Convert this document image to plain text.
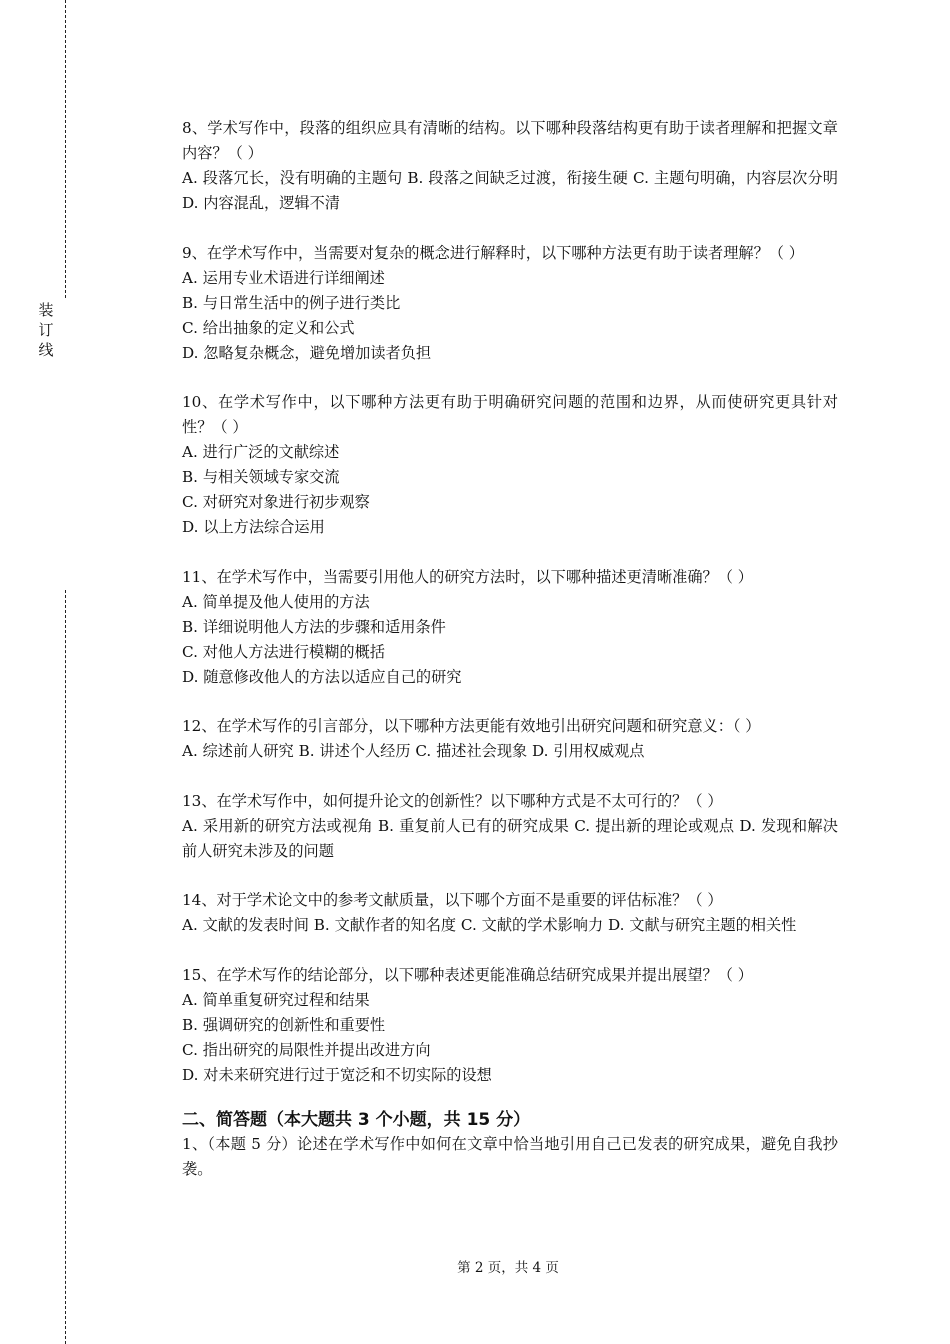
装订线
8、学术写作中，段落的组织应具有清晰的结构。以下哪种段落结构更有助于读者理解和把握文章内容？（ ）
A. 段落冗长，没有明确的主题句 B. 段落之间缺乏过渡，衔接生硬 C. 主题句明确，内容层次分明 D. 内容混乱，逻辑不清
9、在学术写作中，当需要对复杂的概念进行解释时，以下哪种方法更有助于读者理解？（ ）
A. 运用专业术语进行详细阐述
B. 与日常生活中的例子进行类比
C. 给出抽象的定义和公式
D. 忽略复杂概念，避免增加读者负担
10、在学术写作中，以下哪种方法更有助于明确研究问题的范围和边界，从而使研究更具针对性？（ ）
A. 进行广泛的文献综述
B. 与相关领域专家交流
C. 对研究对象进行初步观察
D. 以上方法综合运用
11、在学术写作中，当需要引用他人的研究方法时，以下哪种描述更清晰准确？（ ）
A. 简单提及他人使用的方法
B. 详细说明他人方法的步骤和适用条件
C. 对他人方法进行模糊的概括
D. 随意修改他人的方法以适应自己的研究
12、在学术写作的引言部分，以下哪种方法更能有效地引出研究问题和研究意义：（ ）
A. 综述前人研究 B. 讲述个人经历 C. 描述社会现象 D. 引用权威观点
13、在学术写作中，如何提升论文的创新性？以下哪种方式是不太可行的？（ ）
A. 采用新的研究方法或视角 B. 重复前人已有的研究成果 C. 提出新的理论或观点 D. 发现和解决前人研究未涉及的问题
14、对于学术论文中的参考文献质量，以下哪个方面不是重要的评估标准？（ ）
A. 文献的发表时间 B. 文献作者的知名度 C. 文献的学术影响力 D. 文献与研究主题的相关性
15、在学术写作的结论部分，以下哪种表述更能准确总结研究成果并提出展望？（ ）
A. 简单重复研究过程和结果
B. 强调研究的创新性和重要性
C. 指出研究的局限性并提出改进方向
D. 对未来研究进行过于宽泛和不切实际的设想
二、简答题（本大题共 3 个小题，共 15 分）
1、（本题 5 分）论述在学术写作中如何在文章中恰当地引用自己已发表的研究成果，避免自我抄袭。
第 2 页，共 4 页
